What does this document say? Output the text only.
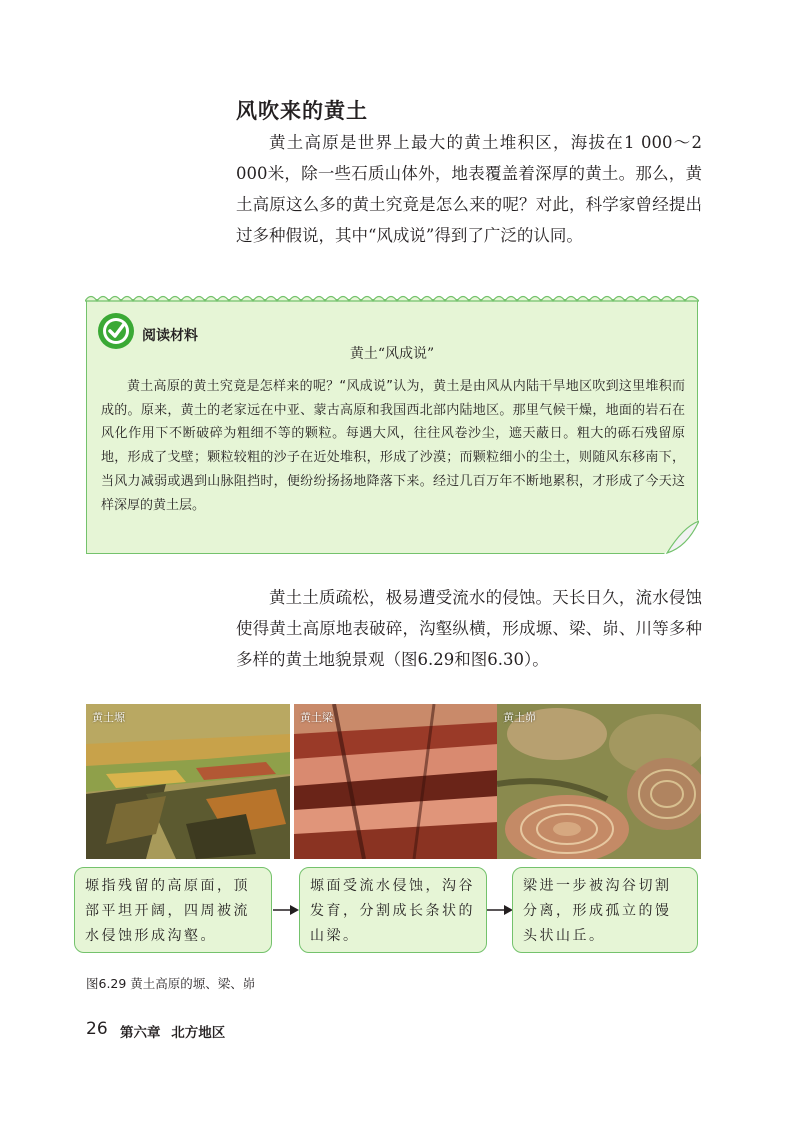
风吹来的黄土

黄土高原是世界上最大的黄土堆积区，海拔在1 000～2 000米，除一些石质山体外，地表覆盖着深厚的黄土。那么，黄土高原这么多的黄土究竟是怎么来的呢？对此，科学家曾经提出过多种假说，其中“风成说”得到了广泛的认同。

阅读材料
黄土“风成说”

黄土高原的黄土究竟是怎样来的呢？“风成说”认为，黄土是由风从内陆干旱地区吹到这里堆积而成的。原来，黄土的老家远在中亚、蒙古高原和我国西北部内陆地区。那里气候干燥，地面的岩石在风化作用下不断破碎为粗细不等的颗粒。每遇大风，往往风卷沙尘，遮天蔽日。粗大的砾石残留原地，形成了戈壁；颗粒较粗的沙子在近处堆积，形成了沙漠；而颗粒细小的尘土，则随风东移南下，当风力减弱或遇到山脉阻挡时，便纷纷扬扬地降落下来。经过几百万年不断地累积，才形成了今天这样深厚的黄土层。

黄土土质疏松，极易遭受流水的侵蚀。天长日久，流水侵蚀使得黄土高原地表破碎，沟壑纵横，形成塬、梁、峁、川等多种多样的黄土地貌景观（图6.29和图6.30）。

黄土塬	黄土梁	黄土峁
塬指残留的高原面，顶部平坦开阔，四周被流水侵蚀形成沟壑。
塬面受流水侵蚀，沟谷发育，分割成长条状的山梁。
梁进一步被沟谷切割分离，形成孤立的馒头状山丘。
图6.29 黄土高原的塬、梁、峁
26 第六章 北方地区
